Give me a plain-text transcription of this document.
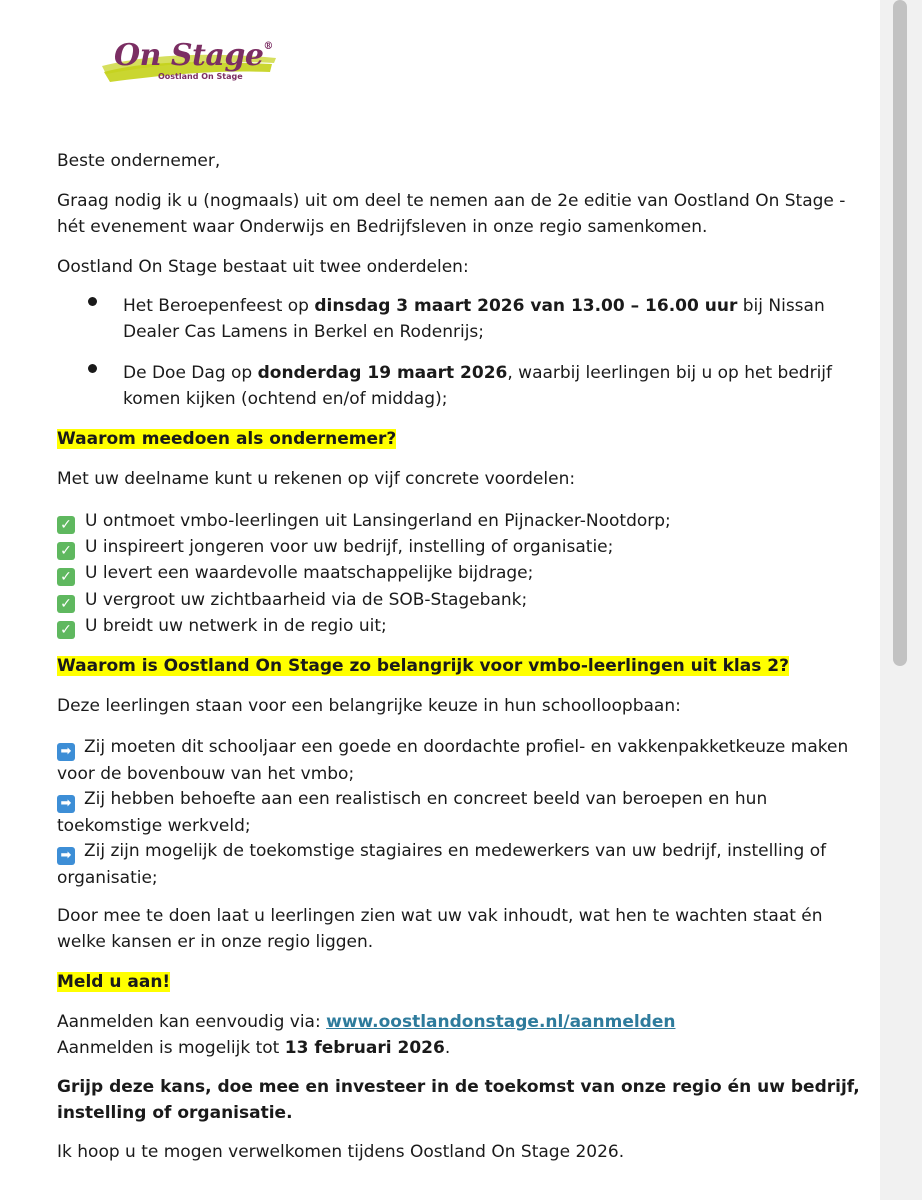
On Stage®
Oostland On Stage

Beste ondernemer,

Graag nodig ik u (nogmaals) uit om deel te nemen aan de 2e editie van Oostland On Stage - hét evenement waar Onderwijs en Bedrijfsleven in onze regio samenkomen.

Oostland On Stage bestaat uit twee onderdelen:

Het Beroepenfeest op dinsdag 3 maart 2026 van 13.00 – 16.00 uur bij Nissan Dealer Cas Lamens in Berkel en Rodenrijs;
De Doe Dag op donderdag 19 maart 2026, waarbij leerlingen bij u op het bedrijf komen kijken (ochtend en/of middag);

Waarom meedoen als ondernemer?

Met uw deelname kunt u rekenen op vijf concrete voordelen:

✓ U ontmoet vmbo-leerlingen uit Lansingerland en Pijnacker-Nootdorp;
✓ U inspireert jongeren voor uw bedrijf, instelling of organisatie;
✓ U levert een waardevolle maatschappelijke bijdrage;
✓ U vergroot uw zichtbaarheid via de SOB-Stagebank;
✓ U breidt uw netwerk in de regio uit;

Waarom is Oostland On Stage zo belangrijk voor vmbo-leerlingen uit klas 2?

Deze leerlingen staan voor een belangrijke keuze in hun schoolloopbaan:

➡ Zij moeten dit schooljaar een goede en doordachte profiel- en vakkenpakketkeuze maken voor de bovenbouw van het vmbo;
➡ Zij hebben behoefte aan een realistisch en concreet beeld van beroepen en hun toekomstige werkveld;
➡ Zij zijn mogelijk de toekomstige stagiaires en medewerkers van uw bedrijf, instelling of organisatie;

Door mee te doen laat u leerlingen zien wat uw vak inhoudt, wat hen te wachten staat én welke kansen er in onze regio liggen.

Meld u aan!

Aanmelden kan eenvoudig via: www.oostlandonstage.nl/aanmelden

Aanmelden is mogelijk tot 13 februari 2026.

Grijp deze kans, doe mee en investeer in de toekomst van onze regio én uw bedrijf, instelling of organisatie.

Ik hoop u te mogen verwelkomen tijdens Oostland On Stage 2026.
